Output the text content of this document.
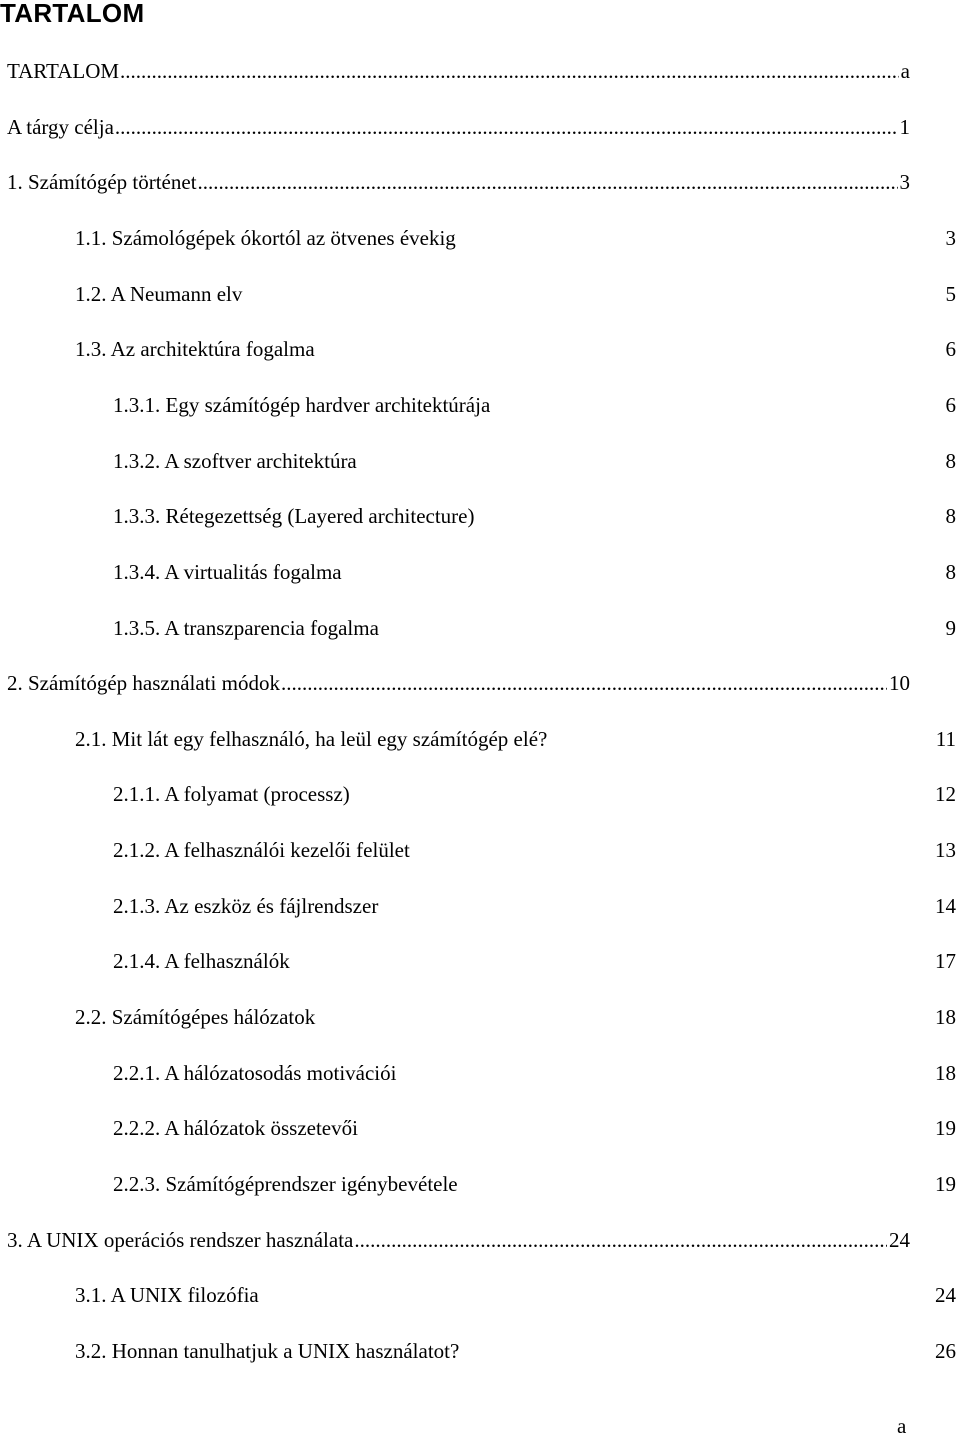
TARTALOM
TARTALOM .....	a
A tárgy célja .....	1
1. Számítógép történet .....	3
1.1. Számológépek ókortól az ötvenes évekig	3
1.2. A Neumann elv	5
1.3. Az architektúra fogalma	6
1.3.1. Egy számítógép hardver architektúrája	6
1.3.2. A szoftver architektúra	8
1.3.3. Rétegezettség (Layered architecture)	8
1.3.4. A virtualitás fogalma	8
1.3.5. A transzparencia fogalma	9
2. Számítógép használati módok .....	10
2.1. Mit lát egy felhasználó, ha leül egy számítógép elé?	11
2.1.1. A folyamat (processz)	12
2.1.2. A felhasználói kezelői felület	13
2.1.3. Az eszköz és fájlrendszer	14
2.1.4. A felhasználók	17
2.2. Számítógépes hálózatok	18
2.2.1. A hálózatosodás motivációi	18
2.2.2. A hálózatok összetevői	19
2.2.3. Számítógéprendszer igénybevétele	19
3. A UNIX operációs rendszer használata .....	24
3.1. A UNIX filozófia	24
3.2. Honnan tanulhatjuk a UNIX használatot?	26
a
